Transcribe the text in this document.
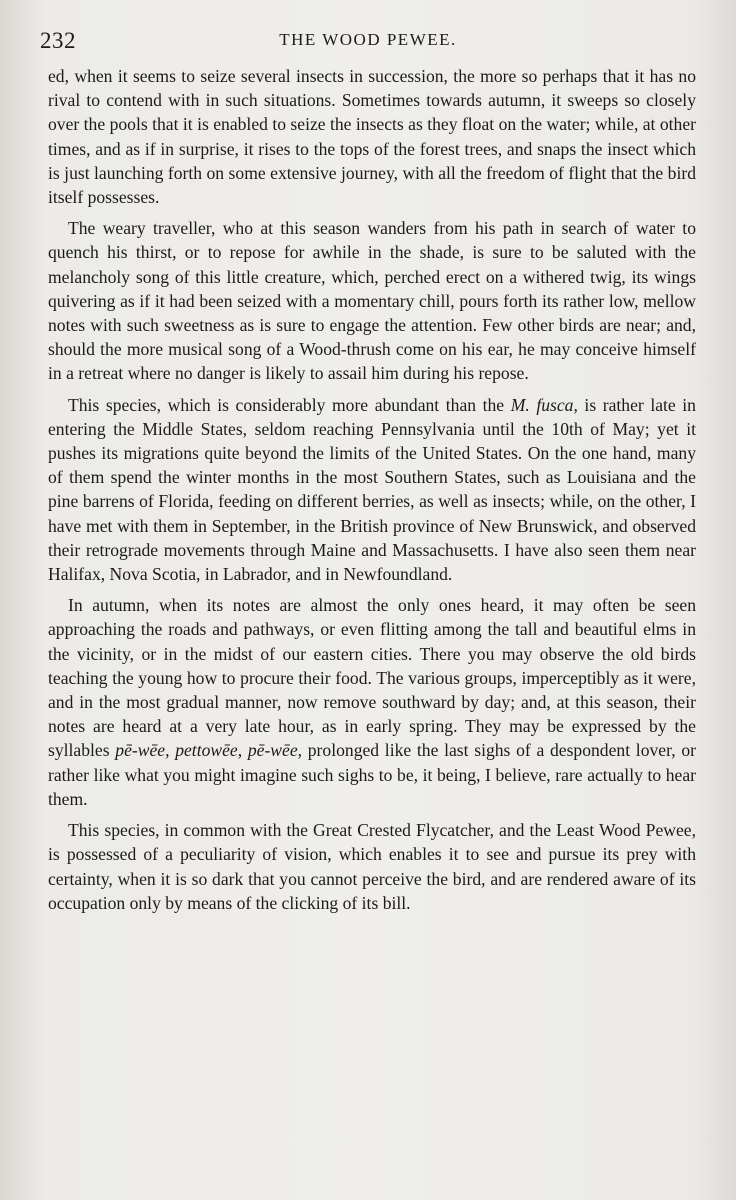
232	THE WOOD PEWEE.

ed, when it seems to seize several insects in succession, the more so perhaps that it has no rival to contend with in such situations. Sometimes towards autumn, it sweeps so closely over the pools that it is enabled to seize the insects as they float on the water; while, at other times, and as if in surprise, it rises to the tops of the forest trees, and snaps the insect which is just launching forth on some extensive journey, with all the freedom of flight that the bird itself possesses.

The weary traveller, who at this season wanders from his path in search of water to quench his thirst, or to repose for awhile in the shade, is sure to be saluted with the melancholy song of this little creature, which, perched erect on a withered twig, its wings quivering as if it had been seized with a momentary chill, pours forth its rather low, mellow notes with such sweetness as is sure to engage the attention. Few other birds are near; and, should the more musical song of a Wood-thrush come on his ear, he may conceive himself in a retreat where no danger is likely to assail him during his repose.

This species, which is considerably more abundant than the M. fusca, is rather late in entering the Middle States, seldom reaching Pennsylvania until the 10th of May; yet it pushes its migrations quite beyond the limits of the United States. On the one hand, many of them spend the winter months in the most Southern States, such as Louisiana and the pine barrens of Florida, feeding on different berries, as well as insects; while, on the other, I have met with them in September, in the British province of New Brunswick, and observed their retrograde movements through Maine and Massachusetts. I have also seen them near Halifax, Nova Scotia, in Labrador, and in Newfoundland.

In autumn, when its notes are almost the only ones heard, it may often be seen approaching the roads and pathways, or even flitting among the tall and beautiful elms in the vicinity, or in the midst of our eastern cities. There you may observe the old birds teaching the young how to procure their food. The various groups, imperceptibly as it were, and in the most gradual manner, now remove southward by day; and, at this season, their notes are heard at a very late hour, as in early spring. They may be expressed by the syllables pē-wēe, pettowēe, pē-wēe, prolonged like the last sighs of a despondent lover, or rather like what you might imagine such sighs to be, it being, I believe, rare actually to hear them.

This species, in common with the Great Crested Flycatcher, and the Least Wood Pewee, is possessed of a peculiarity of vision, which enables it to see and pursue its prey with certainty, when it is so dark that you cannot perceive the bird, and are rendered aware of its occupation only by means of the clicking of its bill.
